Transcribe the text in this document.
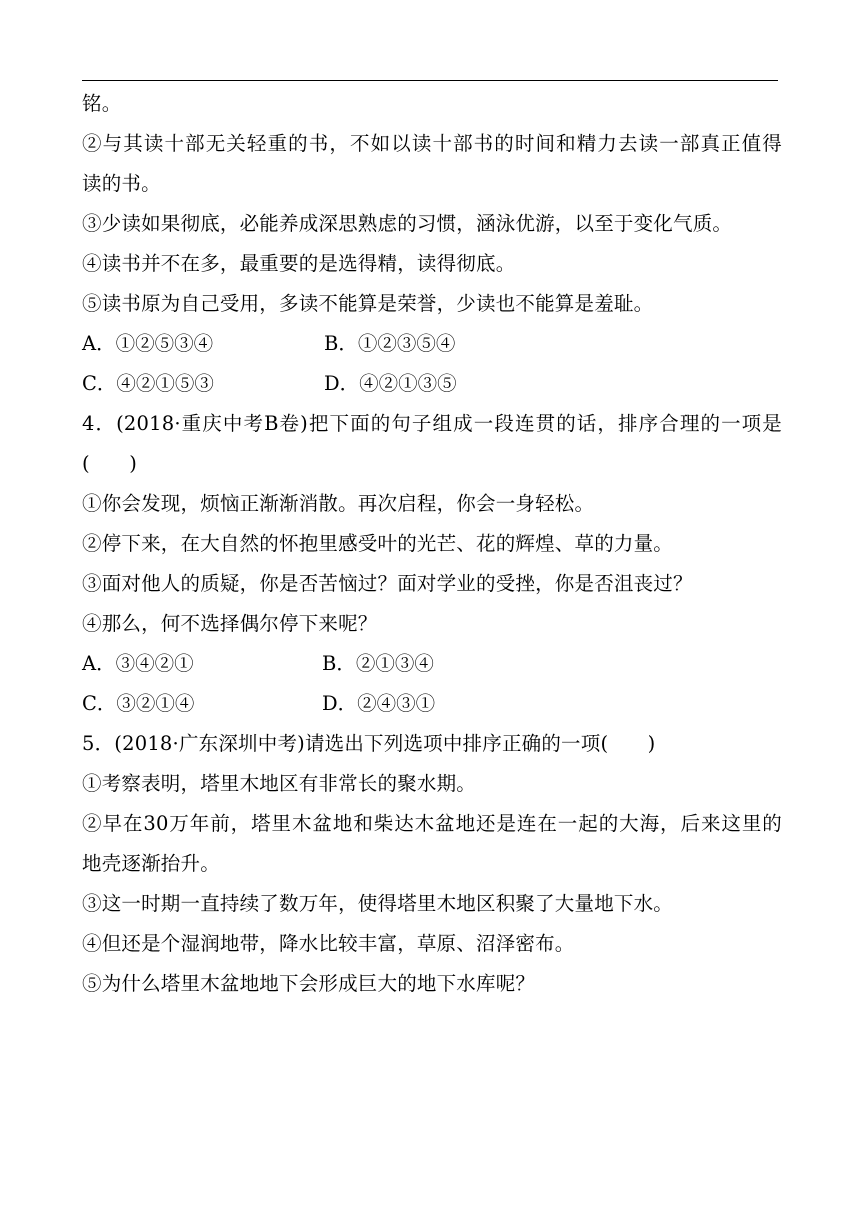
铭。
②与其读十部无关轻重的书，不如以读十部书的时间和精力去读一部真正值得
读的书。
③少读如果彻底，必能养成深思熟虑的习惯，涵泳优游，以至于变化气质。
④读书并不在多，最重要的是选得精，读得彻底。
⑤读书原为自己受用，多读不能算是荣誉，少读也不能算是羞耻。
A．①②⑤③④	B．①②③⑤④
C．④②①⑤③	D．④②①③⑤
4．(2018·重庆中考B卷)把下面的句子组成一段连贯的话，排序合理的一项是
(　　)
①你会发现，烦恼正渐渐消散。再次启程，你会一身轻松。
②停下来，在大自然的怀抱里感受叶的光芒、花的辉煌、草的力量。
③面对他人的质疑，你是否苦恼过？面对学业的受挫，你是否沮丧过？
④那么，何不选择偶尔停下来呢？
A．③④②①	B．②①③④
C．③②①④	D．②④③①
5．(2018·广东深圳中考)请选出下列选项中排序正确的一项(　　)
①考察表明，塔里木地区有非常长的聚水期。
②早在30万年前，塔里木盆地和柴达木盆地还是连在一起的大海，后来这里的
地壳逐渐抬升。
③这一时期一直持续了数万年，使得塔里木地区积聚了大量地下水。
④但还是个湿润地带，降水比较丰富，草原、沼泽密布。
⑤为什么塔里木盆地地下会形成巨大的地下水库呢？
